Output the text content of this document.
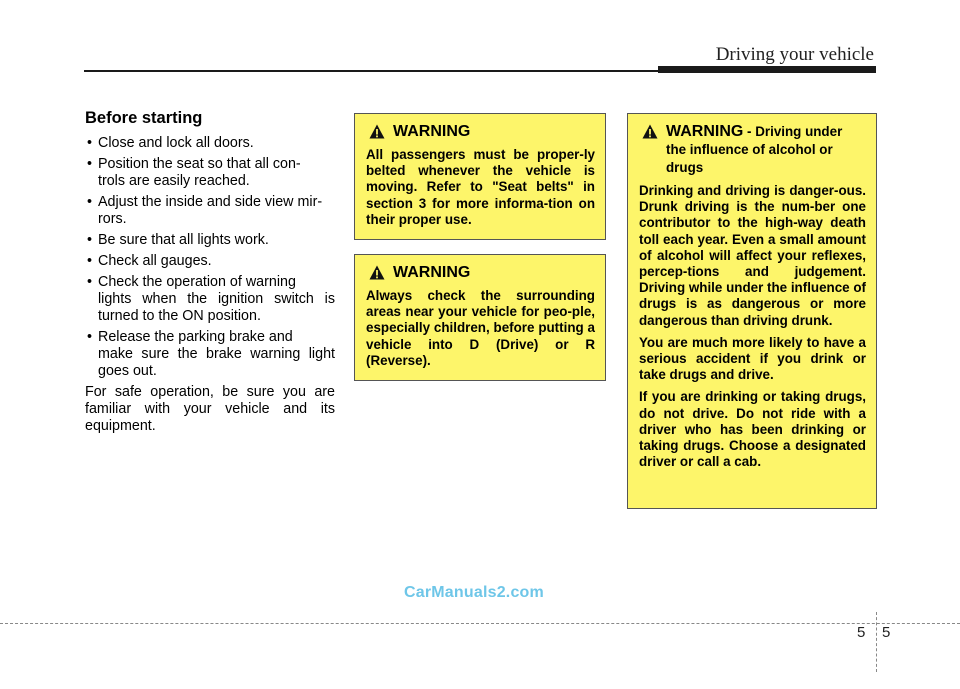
Driving your vehicle
Before starting
• Close and lock all doors.
• Position the seat so that all con-
trols are easily reached.
• Adjust the inside and side view mir-
rors.
• Be sure that all lights work.
• Check all gauges.
• Check the operation of warning
lights when the ignition switch is turned to the ON position.
• Release the parking brake and
make sure the brake warning light goes out.

For safe operation, be sure you are familiar with your vehicle and its equipment.

WARNING

All passengers must be proper-ly belted whenever the vehicle is moving. Refer to "Seat belts" in section 3 for more informa-tion on their proper use.

WARNING

Always check the surrounding areas near your vehicle for peo-ple, especially children, before putting a vehicle into D (Drive) or R (Reverse).

WARNING - Driving under the influence of alcohol or drugs

Drinking and driving is danger-ous. Drunk driving is the num-ber one contributor to the high-way death toll each year. Even a small amount of alcohol will affect your reflexes, percep-tions and judgement. Driving while under the influence of drugs is as dangerous or more dangerous than driving drunk.

You are much more likely to have a serious accident if you drink or take drugs and drive.

If you are drinking or taking drugs, do not drive. Do not ride with a driver who has been drinking or taking drugs. Choose a designated driver or call a cab.

CarManuals2.com
5 5
